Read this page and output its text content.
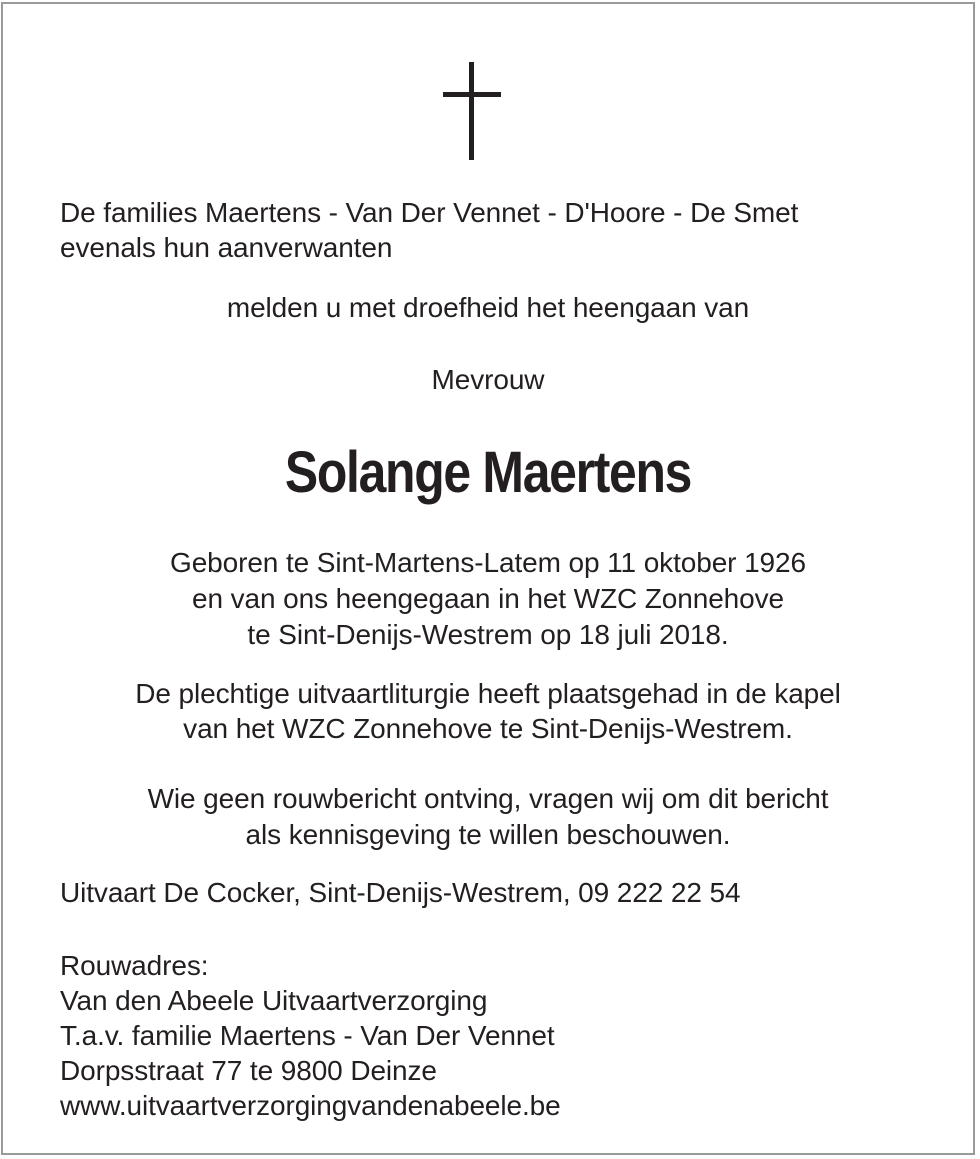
De families Maertens - Van Der Vennet - D'Hoore - De Smet
evenals hun aanverwanten
melden u met droefheid het heengaan van
Mevrouw
Solange Maertens
Geboren te Sint-Martens-Latem op 11 oktober 1926
en van ons heengegaan in het WZC Zonnehove
te Sint-Denijs-Westrem op 18 juli 2018.
De plechtige uitvaartliturgie heeft plaatsgehad in de kapel
van het WZC Zonnehove te Sint-Denijs-Westrem.
Wie geen rouwbericht ontving, vragen wij om dit bericht
als kennisgeving te willen beschouwen.
Uitvaart De Cocker, Sint-Denijs-Westrem, 09 222 22 54
Rouwadres:
Van den Abeele Uitvaartverzorging
T.a.v. familie Maertens - Van Der Vennet
Dorpsstraat 77 te 9800 Deinze
www.uitvaartverzorgingvandenabeele.be
